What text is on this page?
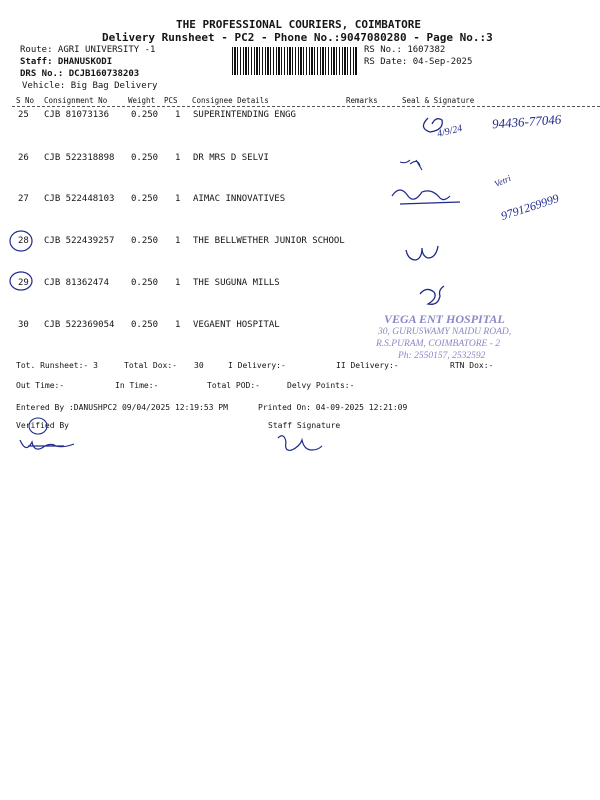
THE PROFESSIONAL COURIERS, COIMBATORE
Delivery Runsheet - PC2 - Phone No.:9047080280 - Page No.:3
Route: AGRI UNIVERSITY -1
Staff: DHANUSKODI
DRS No.: DCJB160738203
Vehicle: Big Bag Delivery
RS No.: 1607382
RS Date: 04-Sep-2025
S No Consignment No	Weight PCS Consignee Details	Remarks	Seal & Signature
25 CJB 81073136 0.250 1 SUPERINTENDING ENGG
26 CJB 522318898 0.250 1 DR MRS D SELVI
27 CJB 522448103 0.250 1 AIMAC INNOVATIVES
28 CJB 522439257 0.250 1 THE BELLWETHER JUNIOR SCHOOL
29 CJB 81362474 0.250 1 THE SUGUNA MILLS
30 CJB 522369054 0.250 1 VEGAENT HOSPITAL
4/9/24
94436-77046
Vetri
9791269999
VEGA ENT HOSPITAL
30, GURUSWAMY NAIDU ROAD,
R.S.PURAM, COIMBATORE - 2
Ph: 2550157, 2532592
Tot. Runsheet:- 3	Total Dox:- 30	I Delivery:-	II Delivery:-	RTN Dox:-
Out Time:-	In Time:-	Total POD:-	Delvy Points:-
Entered By :DANUSHPC2 09/04/2025 12:19:53 PM	Printed On: 04-09-2025 12:21:09
Verified By	Staff Signature
